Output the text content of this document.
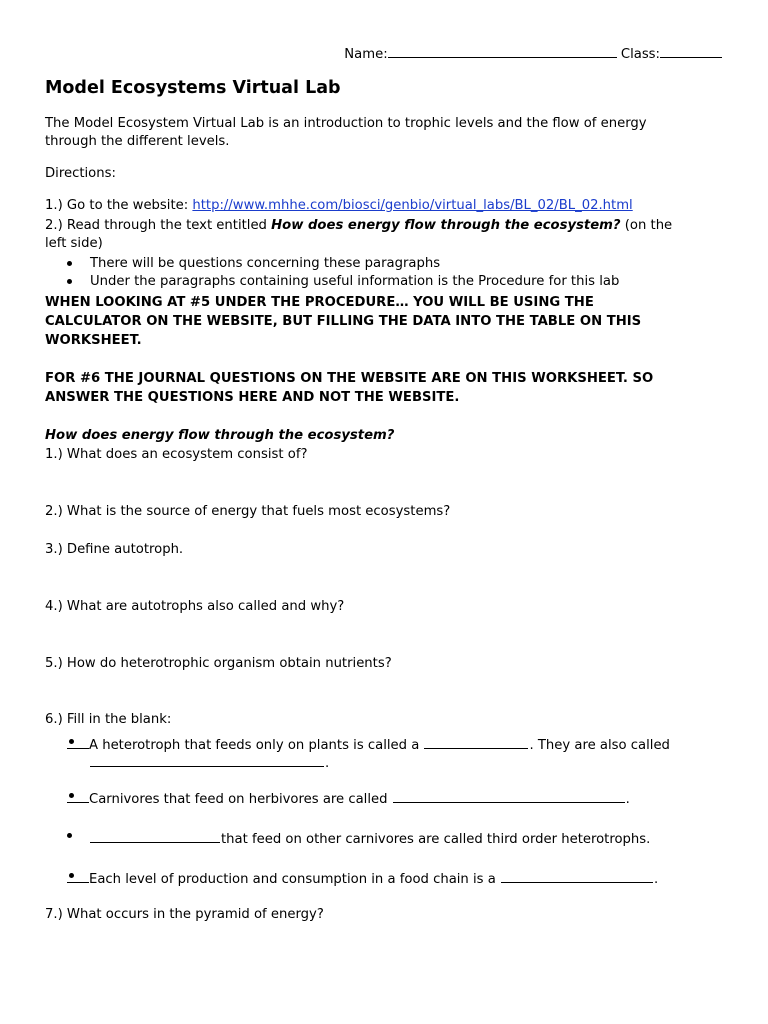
Name:	Class:
Model Ecosystems Virtual Lab
The Model Ecosystem Virtual Lab is an introduction to trophic levels and the flow of energy
through the different levels.
Directions:
1.) Go to the website: http://www.mhhe.com/biosci/genbio/virtual_labs/BL_02/BL_02.html
2.) Read through the text entitled How does energy flow through the ecosystem? (on the
left side)
There will be questions concerning these paragraphs
Under the paragraphs containing useful information is the Procedure for this lab
WHEN LOOKING AT #5 UNDER THE PROCEDURE… YOU WILL BE USING THE
CALCULATOR ON THE WEBSITE, BUT FILLING THE DATA INTO THE TABLE ON THIS
WORKSHEET.
FOR #6 THE JOURNAL QUESTIONS ON THE WEBSITE ARE ON THIS WORKSHEET. SO
ANSWER THE QUESTIONS HERE AND NOT THE WEBSITE.
How does energy flow through the ecosystem?
1.) What does an ecosystem consist of?
2.) What is the source of energy that fuels most ecosystems?
3.) Define autotroph.
4.) What are autotrophs also called and why?
5.) How do heterotrophic organism obtain nutrients?
6.) Fill in the blank:
A heterotroph that feeds only on plants is called a	. They are also called
.
Carnivores that feed on herbivores are called	.
that feed on other carnivores are called third order heterotrophs.
Each level of production and consumption in a food chain is a	.
7.) What occurs in the pyramid of energy?
